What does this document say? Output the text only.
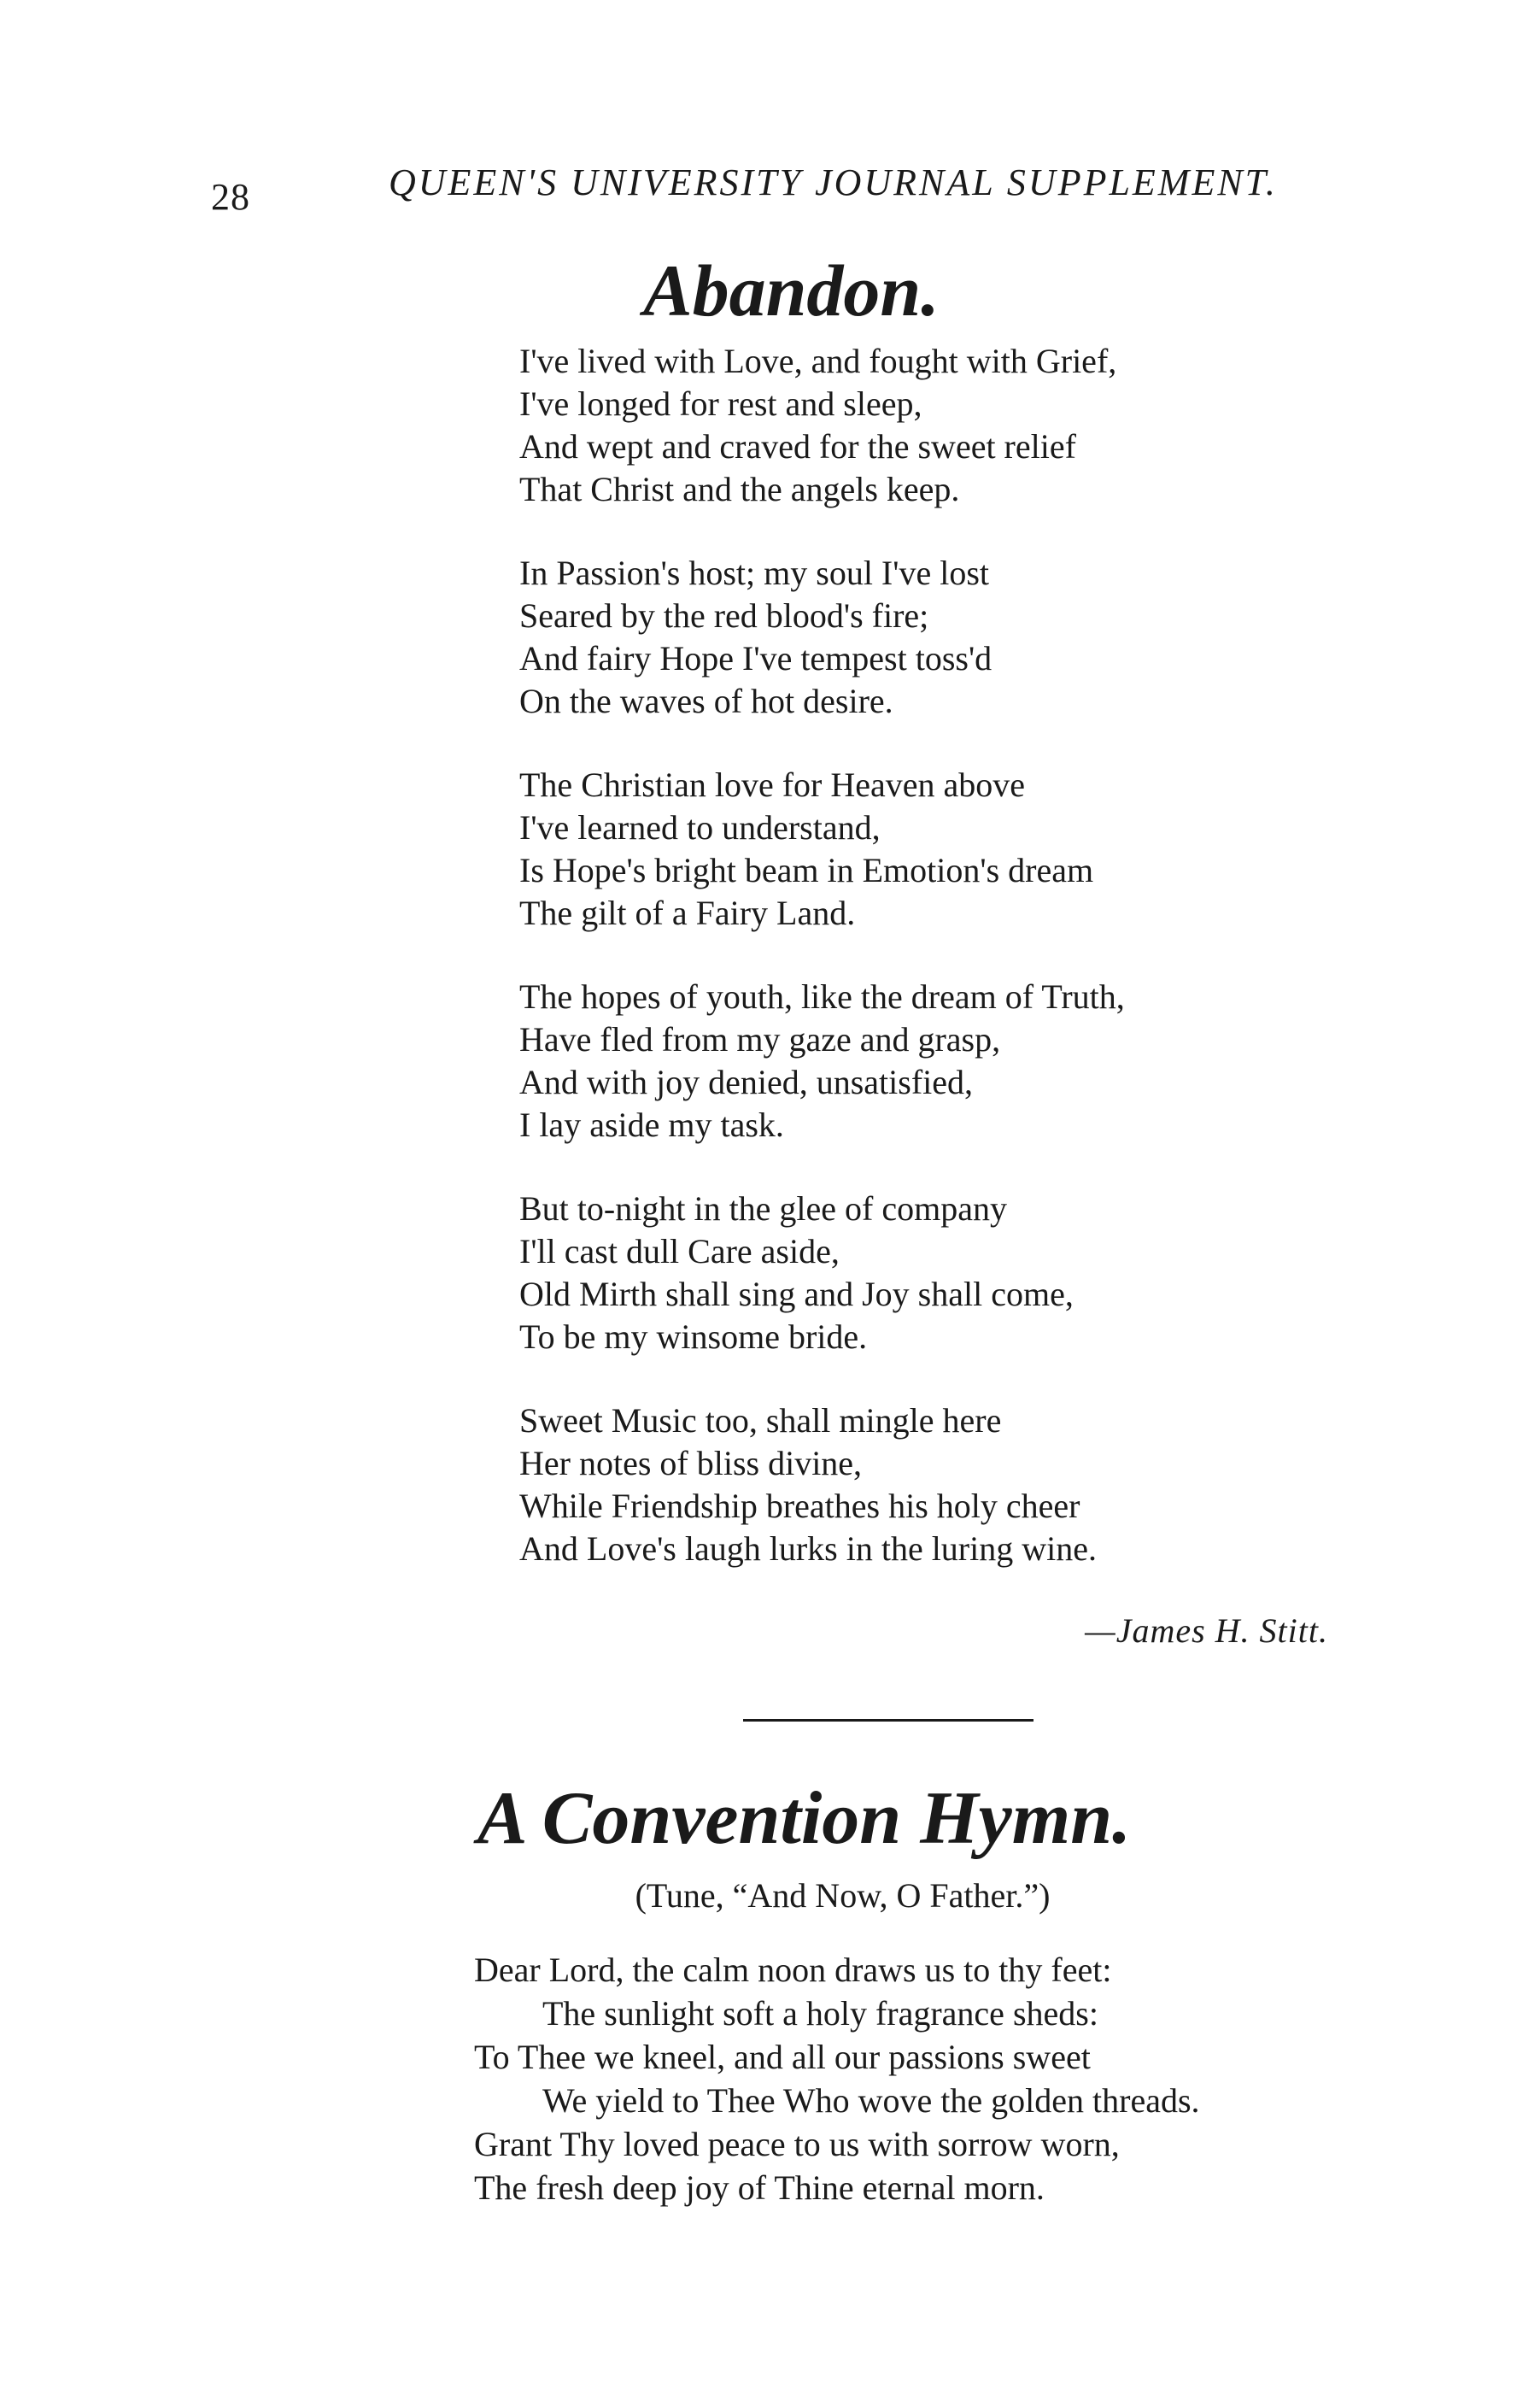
28	QUEEN'S UNIVERSITY JOURNAL SUPPLEMENT.
Abandon.
I've lived with Love, and fought with Grief,
I've longed for rest and sleep,
And wept and craved for the sweet relief
That Christ and the angels keep.
In Passion's host; my soul I've lost
Seared by the red blood's fire;
And fairy Hope I've tempest toss'd
On the waves of hot desire.
The Christian love for Heaven above
I've learned to understand,
Is Hope's bright beam in Emotion's dream
The gilt of a Fairy Land.
The hopes of youth, like the dream of Truth,
Have fled from my gaze and grasp,
And with joy denied, unsatisfied,
I lay aside my task.
But to-night in the glee of company
I'll cast dull Care aside,
Old Mirth shall sing and Joy shall come,
To be my winsome bride.
Sweet Music too, shall mingle here
Her notes of bliss divine,
While Friendship breathes his holy cheer
And Love's laugh lurks in the luring wine.
—James H. Stitt.
A Convention Hymn.
(Tune, “And Now, O Father.”)
Dear Lord, the calm noon draws us to thy feet:
The sunlight soft a holy fragrance sheds:
To Thee we kneel, and all our passions sweet
We yield to Thee Who wove the golden threads.
Grant Thy loved peace to us with sorrow worn,
The fresh deep joy of Thine eternal morn.
